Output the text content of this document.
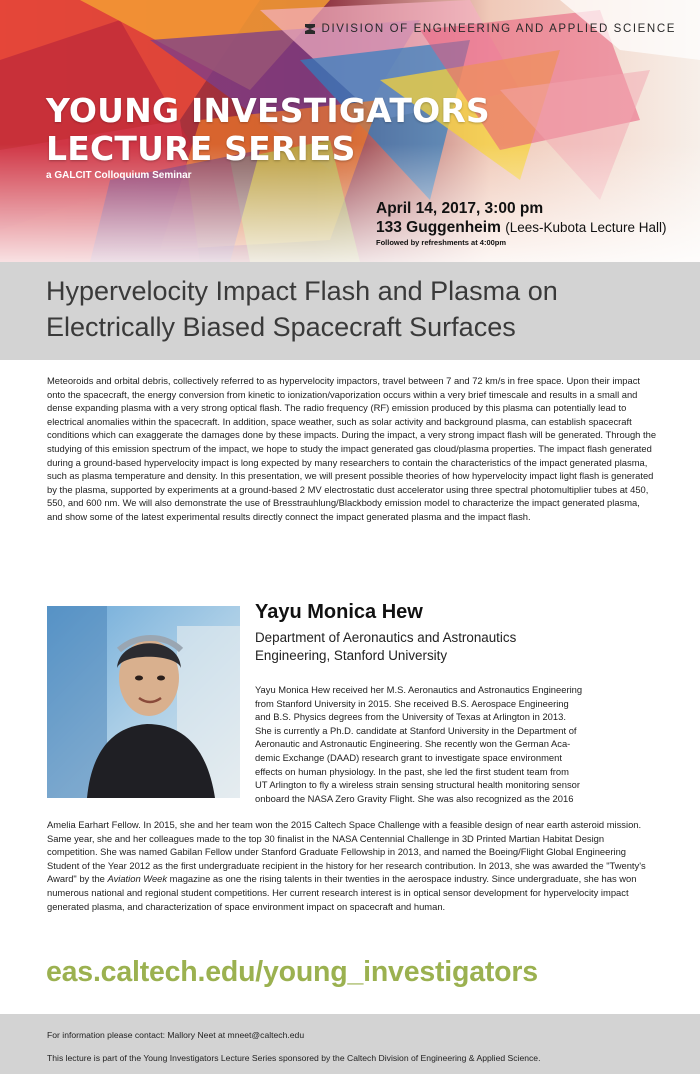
DIVISION OF ENGINEERING AND APPLIED SCIENCE
YOUNG INVESTIGATORS
LECTURE SERIES
a GALCIT Colloquium Seminar
April 14, 2017, 3:00 pm
133 Guggenheim (Lees-Kubota Lecture Hall)
Followed by refreshments at 4:00pm
Hypervelocity Impact Flash and Plasma on
Electrically Biased Spacecraft Surfaces

Meteoroids and orbital debris, collectively referred to as hypervelocity impactors, travel between 7 and 72 km/s in free space. Upon their impact onto the spacecraft, the energy conversion from kinetic to ionization/vaporization occurs within a very brief timescale and results in a small and dense expanding plasma with a very strong optical flash. The radio frequency (RF) emission produced by this plasma can potentially lead to electrical anomalies within the spacecraft. In addition, space weather, such as solar activity and background plasma, can establish spacecraft conditions which can exaggerate the damages done by these impacts. During the impact, a very strong impact flash will be generated. Through the studying of this emission spectrum of the impact, we hope to study the impact generated gas cloud/plasma properties. The impact flash generated during a ground-based hypervelocity impact is long expected by many researchers to contain the characteristics of the impact generated plasma, such as plasma temperature and density. In this presentation, we will present possible theories of how hypervelocity impact light flash is generated by the plasma, supported by experiments at a ground-based 2 MV electrostatic dust accelerator using three spectral photomultiplier tubes at 450, 550, and 600 nm. We will also demonstrate the use of Bresstrauhlung/Blackbody emission model to characterize the impact generated plasma, and show some of the latest experimental results directly connect the impact generated plasma and the impact flash.

Yayu Monica Hew
Department of Aeronautics and Astronautics
Engineering, Stanford University
Yayu Monica Hew received her M.S. Aeronautics and Astronautics Engineering
from Stanford University in 2015. She received B.S. Aerospace Engineering
and B.S. Physics degrees from the University of Texas at Arlington in 2013.
She is currently a Ph.D. candidate at Stanford University in the Department of
Aeronautic and Astronautic Engineering. She recently won the German Aca-
demic Exchange (DAAD) research grant to investigate space environment
effects on human physiology. In the past, she led the first student team from
UT Arlington to fly a wireless strain sensing structural health monitoring sensor
onboard the NASA Zero Gravity Flight. She was also recognized as the 2016

Amelia Earhart Fellow. In 2015, she and her team won the 2015 Caltech Space Challenge with a feasible design of near earth asteroid mission. Same year, she and her colleagues made to the top 30 finalist in the NASA Centennial Challenge in 3D Printed Martian Habitat Design competition. She was named Gabilan Fellow under Stanford Graduate Fellowship in 2013, and named the Boeing/Flight Global Engineering Student of the Year 2012 as the first undergraduate recipient in the history for her research contribution. In 2013, she was awarded the "Twenty's Award" by the Aviation Week magazine as one the rising talents in their twenties in the aerospace industry. Since undergraduate, she has won numerous national and regional student competitions. Her current research interest is in optical sensor development for hypervelocity impact generated plasma, and characterization of space environment impact on spacecraft and human.

eas.caltech.edu/young_investigators
For information please contact: Mallory Neet at mneet@caltech.edu
This lecture is part of the Young Investigators Lecture Series sponsored by the Caltech Division of Engineering & Applied Science.
